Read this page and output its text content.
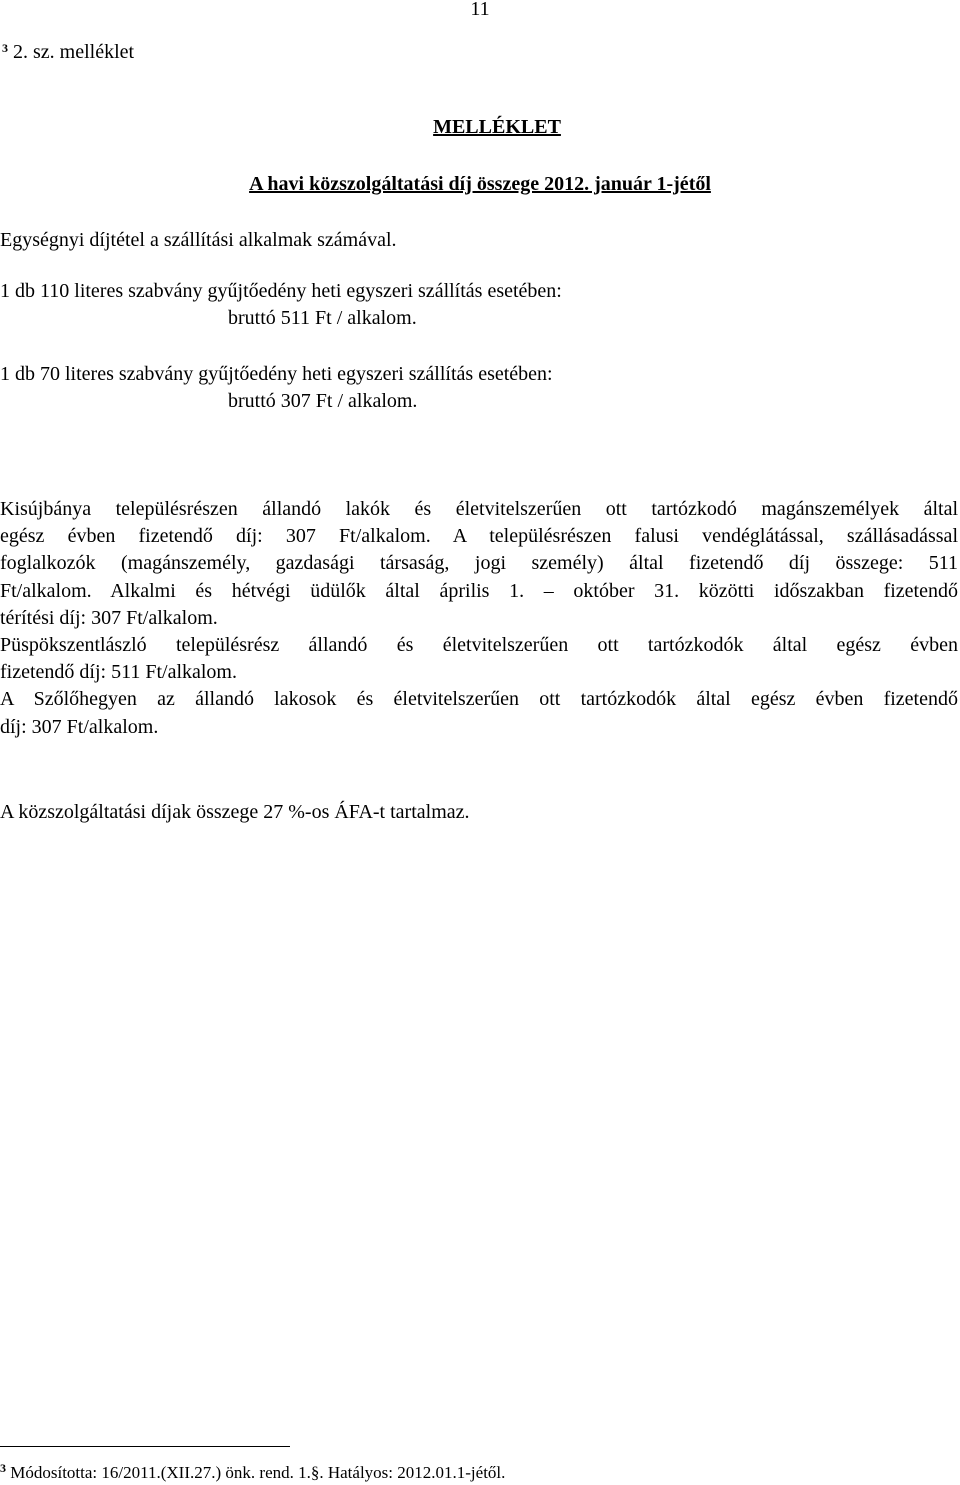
11
$^3$ 2. sz. melléklet
MELLÉKLET
A havi közszolgáltatási díj összege 2012. január 1-jétől
Egységnyi díjtétel a szállítási alkalmak számával.
1 db 110 literes szabvány gyűjtőedény heti egyszeri szállítás esetében:
bruttó 511 Ft / alkalom.
1 db 70 literes szabvány gyűjtőedény heti egyszeri szállítás esetében:
bruttó 307 Ft / alkalom.
Kisújbánya településrészen állandó lakók és életvitelszerűen ott tartózkodó magánszemélyek által
egész évben fizetendő díj: 307 Ft/alkalom. A településrészen falusi vendéglátással, szállásadással
foglalkozók (magánszemély, gazdasági társaság, jogi személy) által fizetendő díj összege: 511
Ft/alkalom. Alkalmi és hétvégi üdülők által április 1. – október 31. közötti időszakban fizetendő
térítési díj: 307 Ft/alkalom.
Püspökszentlászló településrész állandó és életvitelszerűen ott tartózkodók által egész évben
fizetendő díj: 511 Ft/alkalom.
A Szőlőhegyen az állandó lakosok és életvitelszerűen ott tartózkodók által egész évben fizetendő
díj: 307 Ft/alkalom.
A közszolgáltatási díjak összege 27 %-os ÁFA-t tartalmaz.
$^3$ Módosította: 16/2011.(XII.27.) önk. rend. 1.§. Hatályos: 2012.01.1-jétől.
